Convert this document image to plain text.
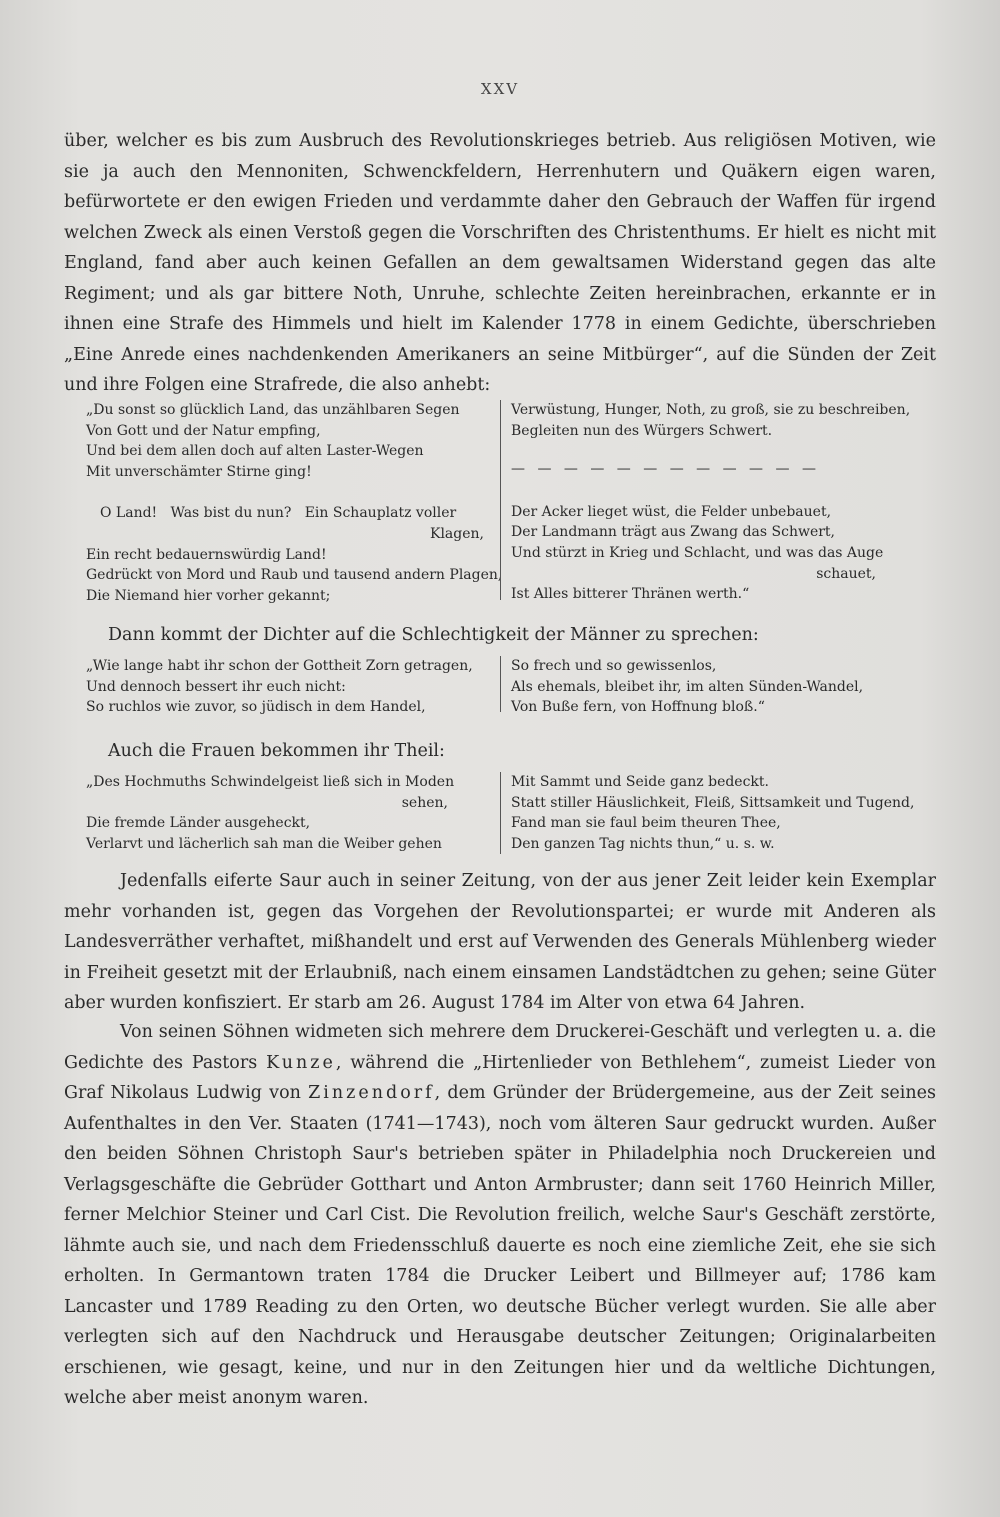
XXV

über, welcher es bis zum Ausbruch des Revolutionskrieges betrieb. Aus religiösen Motiven, wie sie ja auch den Mennoniten, Schwenckfeldern, Herrenhutern und Quäkern eigen waren, befürwortete er den ewigen Frieden und verdammte daher den Gebrauch der Waffen für irgend welchen Zweck als einen Verstoß gegen die Vorschriften des Christenthums. Er hielt es nicht mit England, fand aber auch keinen Gefallen an dem gewaltsamen Widerstand gegen das alte Regiment; und als gar bittere Noth, Unruhe, schlechte Zeiten hereinbrachen, erkannte er in ihnen eine Strafe des Himmels und hielt im Kalender 1778 in einem Gedichte, überschrieben „Eine Anrede eines nachdenkenden Amerikaners an seine Mitbürger“, auf die Sünden der Zeit und ihre Folgen eine Strafrede, die also anhebt:

„Du sonst so glücklich Land, das unzählbaren Segen
Von Gott und der Natur empfing,
Und bei dem allen doch auf alten Laster-Wegen
Mit unverschämter Stirne ging!
O Land!   Was bist du nun?   Ein Schauplatz voller
Klagen,
Ein recht bedauernswürdig Land!
Gedrückt von Mord und Raub und tausend andern Plagen,
Die Niemand hier vorher gekannt;
Verwüstung, Hunger, Noth, zu groß, sie zu beschreiben,
Begleiten nun des Würgers Schwert.
— — — — — — — — — — — —
Der Acker lieget wüst, die Felder unbebauet,
Der Landmann trägt aus Zwang das Schwert,
Und stürzt in Krieg und Schlacht, und was das Auge
schauet,
Ist Alles bitterer Thränen werth.“
Dann kommt der Dichter auf die Schlechtigkeit der Männer zu sprechen:
„Wie lange habt ihr schon der Gottheit Zorn getragen,
Und dennoch bessert ihr euch nicht:
So ruchlos wie zuvor, so jüdisch in dem Handel,
So frech und so gewissenlos,
Als ehemals, bleibet ihr, im alten Sünden-Wandel,
Von Buße fern, von Hoffnung bloß.“
Auch die Frauen bekommen ihr Theil:
„Des Hochmuths Schwindelgeist ließ sich in Moden
sehen,
Die fremde Länder ausgeheckt,
Verlarvt und lächerlich sah man die Weiber gehen
Mit Sammt und Seide ganz bedeckt.
Statt stiller Häuslichkeit, Fleiß, Sittsamkeit und Tugend,
Fand man sie faul beim theuren Thee,
Den ganzen Tag nichts thun,“ u. s. w.

Jedenfalls eiferte Saur auch in seiner Zeitung, von der aus jener Zeit leider kein Exemplar mehr vorhanden ist, gegen das Vorgehen der Revolutionspartei; er wurde mit Anderen als Landesverräther verhaftet, mißhandelt und erst auf Verwenden des Generals Mühlenberg wieder in Freiheit gesetzt mit der Erlaubniß, nach einem einsamen Landstädtchen zu gehen; seine Güter aber wurden konfisziert. Er starb am 26. August 1784 im Alter von etwa 64 Jahren.

Von seinen Söhnen widmeten sich mehrere dem Druckerei-Geschäft und verlegten u. a. die Gedichte des Pastors Kunze, während die „Hirtenlieder von Bethlehem“, zumeist Lieder von Graf Nikolaus Ludwig von Zinzendorf, dem Gründer der Brüdergemeine, aus der Zeit seines Aufenthaltes in den Ver. Staaten (1741—1743), noch vom älteren Saur gedruckt wurden. Außer den beiden Söhnen Christoph Saur's betrieben später in Philadelphia noch Druckereien und Verlagsgeschäfte die Gebrüder Gotthart und Anton Armbruster; dann seit 1760 Heinrich Miller, ferner Melchior Steiner und Carl Cist. Die Revolution freilich, welche Saur's Geschäft zerstörte, lähmte auch sie, und nach dem Friedensschluß dauerte es noch eine ziemliche Zeit, ehe sie sich erholten. In Germantown traten 1784 die Drucker Leibert und Billmeyer auf; 1786 kam Lancaster und 1789 Reading zu den Orten, wo deutsche Bücher verlegt wurden. Sie alle aber verlegten sich auf den Nachdruck und Herausgabe deutscher Zeitungen; Originalarbeiten erschienen, wie gesagt, keine, und nur in den Zeitungen hier und da weltliche Dichtungen, welche aber meist anonym waren.
